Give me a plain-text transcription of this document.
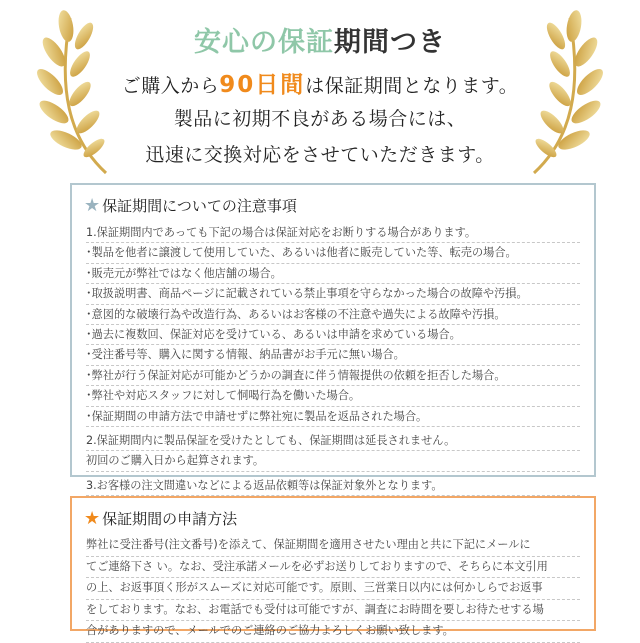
安心の保証期間つき
ご購入から90日間は保証期間となります。
製品に初期不良がある場合には、
迅速に交換対応をさせていただきます。
★ 保証期間についての注意事項
1.保証期間内であっても下記の場合は保証対応をお断りする場合があります。
･製品を他者に譲渡して使用していた、あるいは他者に販売していた等、転売の場合。
･販売元が弊社ではなく他店舗の場合。
･取扱説明書、商品ページに記載されている禁止事項を守らなかった場合の故障や汚損。
･意図的な破壊行為や改造行為、あるいはお客様の不注意や過失による故障や汚損。
･過去に複数回、保証対応を受けている、あるいは申請を求めている場合。
･受注番号等、購入に関する情報、納品書がお手元に無い場合。
･弊社が行う保証対応が可能かどうかの調査に伴う情報提供の依頼を拒否した場合。
･弊社や対応スタッフに対して恫喝行為を働いた場合。
･保証期間の申請方法で申請せずに弊社宛に製品を返品された場合。
2.保証期間内に製品保証を受けたとしても、保証期間は延長されません。
初回のご購入日から起算されます。
3.お客様の注文間違いなどによる返品依頼等は保証対象外となります。
★ 保証期間の申請方法
弊社に受注番号(注文番号)を添えて、保証期間を適用させたい理由と共に下記にメールに
てご連絡下さ い。なお、受注承諾メールを必ずお送りしておりますので、そちらに本文引用
の上、お返事頂く形がスムーズに対応可能です。原則、三営業日以内には何かしらでお返事
をしております。なお、お電話でも受付は可能ですが、調査にお時間を要しお待たせする場
合がありますので、メールでのご連絡のご協力よろしくお願い致します。
